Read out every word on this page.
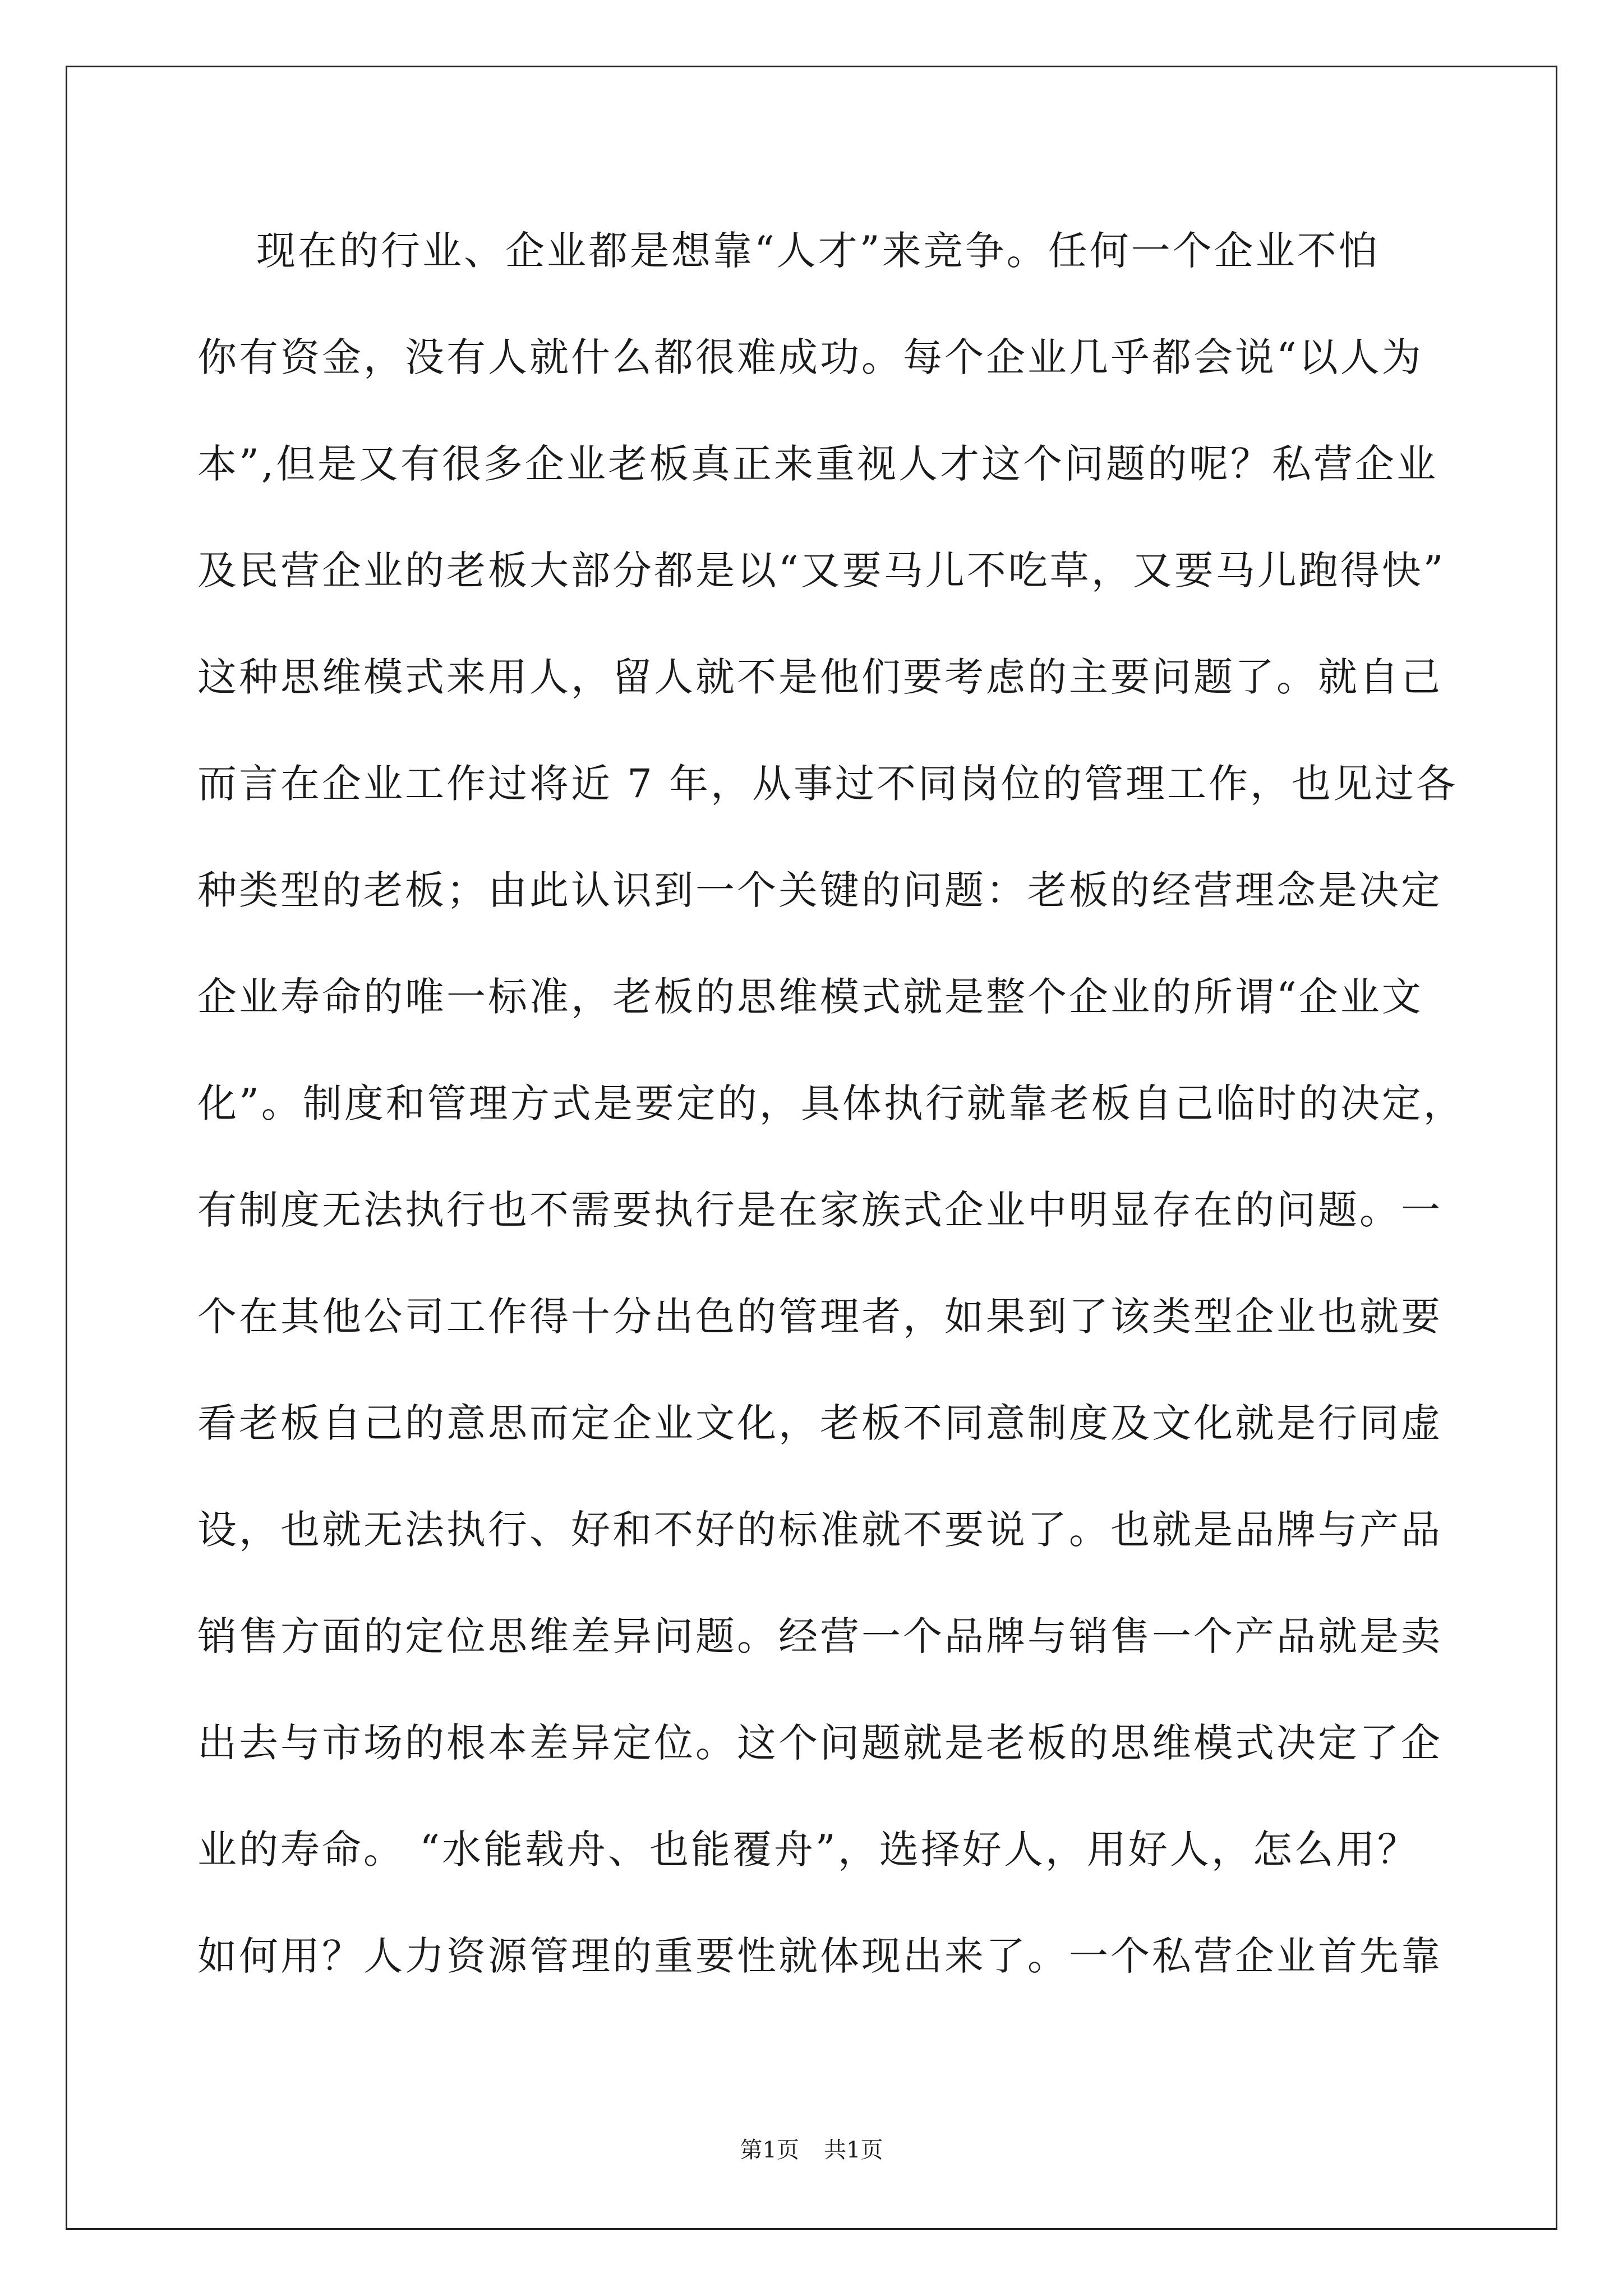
现在的行业、企业都是想靠“人才”来竞争。任何一个企业不怕
你有资金，没有人就什么都很难成功。每个企业几乎都会说“以人为
本”,但是又有很多企业老板真正来重视人才这个问题的呢？私营企业
及民营企业的老板大部分都是以“又要马儿不吃草，又要马儿跑得快”
这种思维模式来用人，留人就不是他们要考虑的主要问题了。就自己
而言在企业工作过将近 7 年，从事过不同岗位的管理工作，也见过各
种类型的老板；由此认识到一个关键的问题：老板的经营理念是决定
企业寿命的唯一标准，老板的思维模式就是整个企业的所谓“企业文
化”。制度和管理方式是要定的，具体执行就靠老板自己临时的决定，
有制度无法执行也不需要执行是在家族式企业中明显存在的问题。一
个在其他公司工作得十分出色的管理者，如果到了该类型企业也就要
看老板自己的意思而定企业文化，老板不同意制度及文化就是行同虚
设，也就无法执行、好和不好的标准就不要说了。也就是品牌与产品
销售方面的定位思维差异问题。经营一个品牌与销售一个产品就是卖
出去与市场的根本差异定位。这个问题就是老板的思维模式决定了企
业的寿命。 “水能载舟、也能覆舟”，选择好人，用好人，怎么用？
如何用？人力资源管理的重要性就体现出来了。一个私营企业首先靠
第1页 共1页
